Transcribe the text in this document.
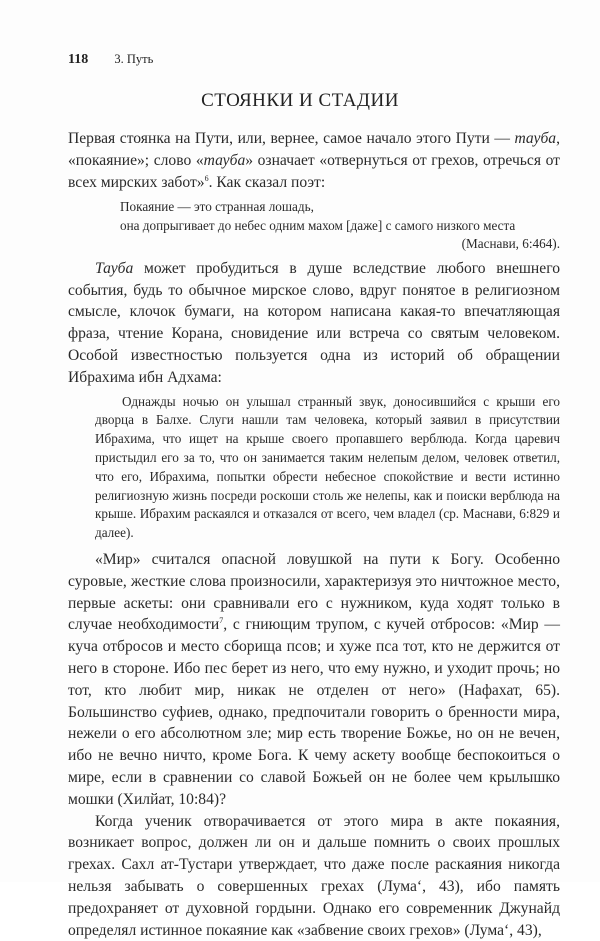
118 3. Путь
СТОЯНКИ И СТАДИИ

Первая стоянка на Пути, или, вернее, самое начало этого Пути — тауба, «покаяние»; слово «тауба» означает «отвернуться от грехов, отречься от всех мирских забот»$^6$. Как сказал поэт:

Покаяние — это странная лошадь,
она допрыгивает до небес одним махом [даже] с самого низкого места
(Маснави, 6:464).

Тауба может пробудиться в душе вследствие любого внешнего события, будь то обычное мирское слово, вдруг понятое в религиозном смысле, клочок бумаги, на котором написана какая-то впечатляющая фраза, чтение Корана, сновидение или встреча со святым человеком. Особой известностью пользуется одна из историй об обращении Ибрахима ибн Адхама:

Однажды ночью он улышал странный звук, доносившийся с крыши его дворца в Балхе. Слуги нашли там человека, который заявил в присутствии Ибрахима, что ищет на крыше своего пропавшего верблюда. Когда царевич пристыдил его за то, что он занимается таким нелепым делом, человек ответил, что его, Ибрахима, попытки обрести небесное спокойствие и вести истинно религиозную жизнь посреди роскоши столь же нелепы, как и поиски верблюда на крыше. Ибрахим раскаялся и отказался от всего, чем владел (ср. Маснави, 6:829 и далее).

«Мир» считался опасной ловушкой на пути к Богу. Особенно суровые, жесткие слова произносили, характеризуя это ничтожное место, первые аскеты: они сравнивали его с нужником, куда ходят только в случае необходимости$^7$, с гниющим трупом, с кучей отбросов: «Мир — куча отбросов и место сборища псов; и хуже пса тот, кто не держится от него в стороне. Ибо пес берет из него, что ему нужно, и уходит прочь; но тот, кто любит мир, никак не отделен от него» (Нафахат, 65). Большинство суфиев, однако, предпочитали говорить о бренности мира, нежели о его абсолютном зле; мир есть творение Божье, но он не вечен, ибо не вечно ничто, кроме Бога. К чему аскету вообще беспокоиться о мире, если в сравнении со славой Божьей он не более чем крылышко мошки (Хилйат, 10:84)?

Когда ученик отворачивается от этого мира в акте покаяния, возникает вопрос, должен ли он и дальше помнить о своих прошлых грехах. Сахл ат-Тустари утверждает, что даже после раскаяния никогда нельзя забывать о совершенных грехах (Лума‘, 43), ибо память предохраняет от духовной гордыни. Однако его современник Джунайд определял истинное покаяние как «забвение своих грехов» (Лума‘, 43),
